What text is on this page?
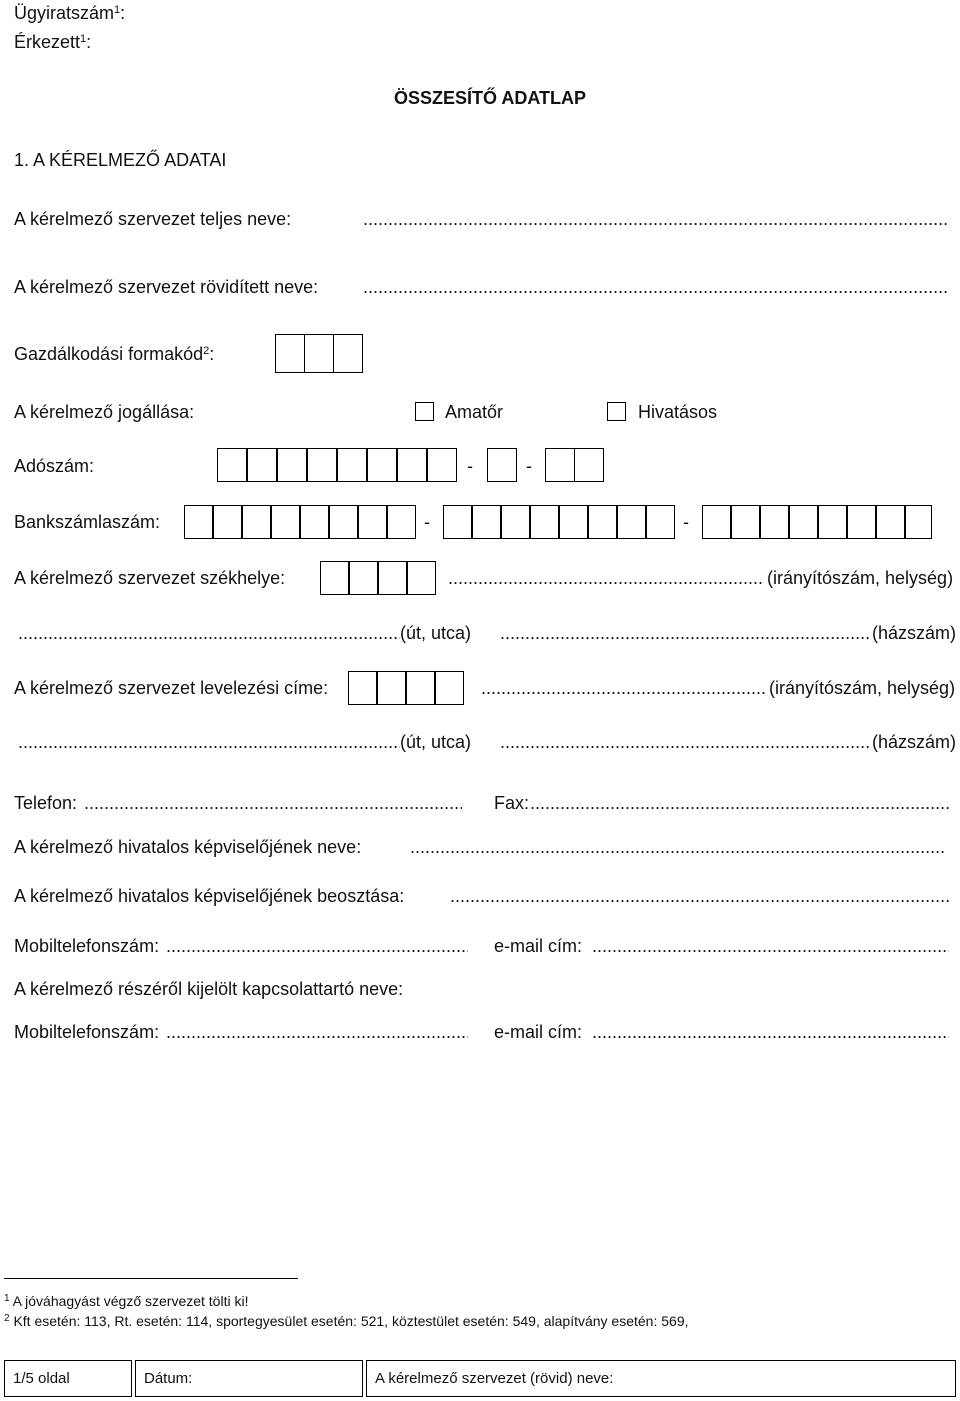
Ügyiratszám$^1$:
Érkezett$^1$:
ÖSSZESÍTŐ ADATLAP
1. A KÉRELMEZŐ ADATAI
A kérelmező szervezet teljes neve:
.....
A kérelmező szervezet rövidített neve:
.....
Gazdálkodási formakód$^2$:
A kérelmező jogállása:	Amatőr	Hivatásos
Adószám:	-	-
Bankszámlaszám:	-	-
A kérelmező szervezet székhelye: .....	(irányítószám, helység)
.....
(út, utca) .....	(házszám)
A kérelmező szervezet levelezési címe: .....	(irányítószám, helység)
.....
(út, utca) .....	(házszám)
Telefon: .....	Fax:
.....
A kérelmező hivatalos képviselőjének neve:
.....
A kérelmező hivatalos képviselőjének beosztása:
.....
Mobiltelefonszám: .....	e-mail cím:
.....
A kérelmező részéről kijelölt kapcsolattartó neve:
Mobiltelefonszám: .....	e-mail cím:
.....
$^1$ A jóváhagyást végző szervezet tölti ki!
$^2$ Kft esetén: 113, Rt. esetén: 114, sportegyesület esetén: 521, köztestület esetén: 549, alapítvány esetén: 569,
1/5 oldal	Dátum:	A kérelmező szervezet (rövid) neve:
